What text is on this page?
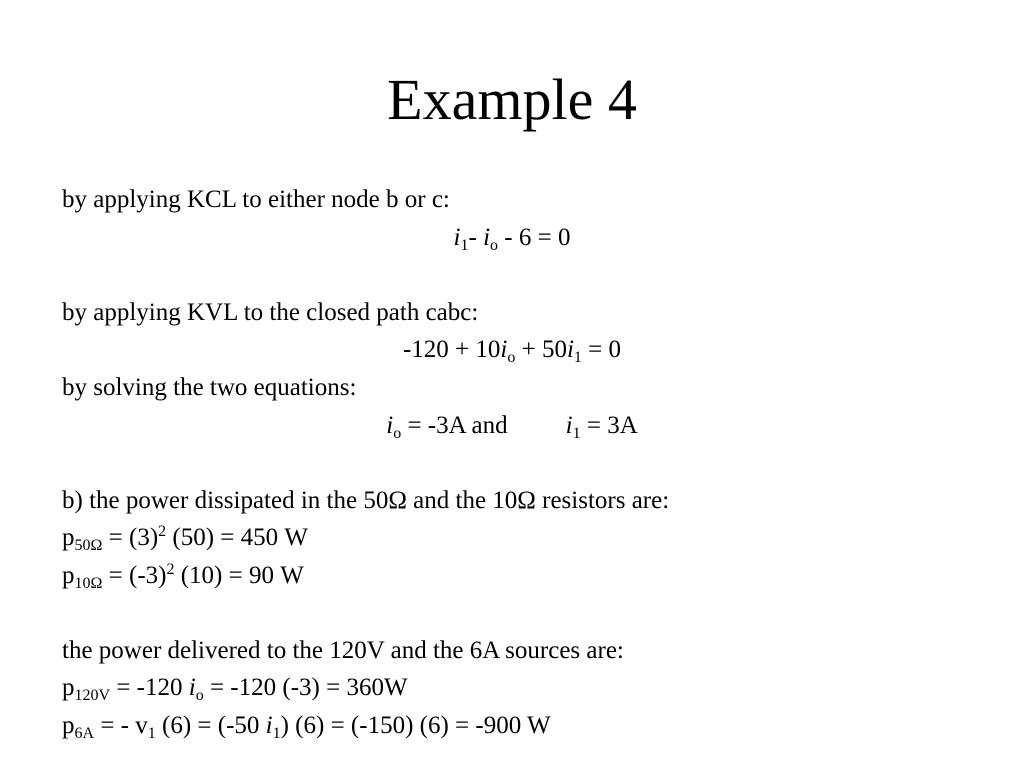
Example 4
by applying KCL to either node b or c:
$i_1-$ $i_o - 6 = 0$
by applying KVL to the closed path cabc:
$-120 + 10i_o + 50i_1 = 0$
by solving the two equations:
$i_o = -3A$ and $i_1 = 3A$
b) the power dissipated in the 50Ω and the 10Ω resistors are:
$p_{50\Omega} = (3)^2$ (50) = 450 W
$p_{10\Omega} = (-3)^2$ (10) = 90 W
the power delivered to the 120V and the 6A sources are:
$p_{120V} = -120$ $i_o = -120$ (-3) = 360W
$p_{6A}$ = - $v_1$ (6) = (-50 $i_1$) (6) = (-150) (6) = -900 W
